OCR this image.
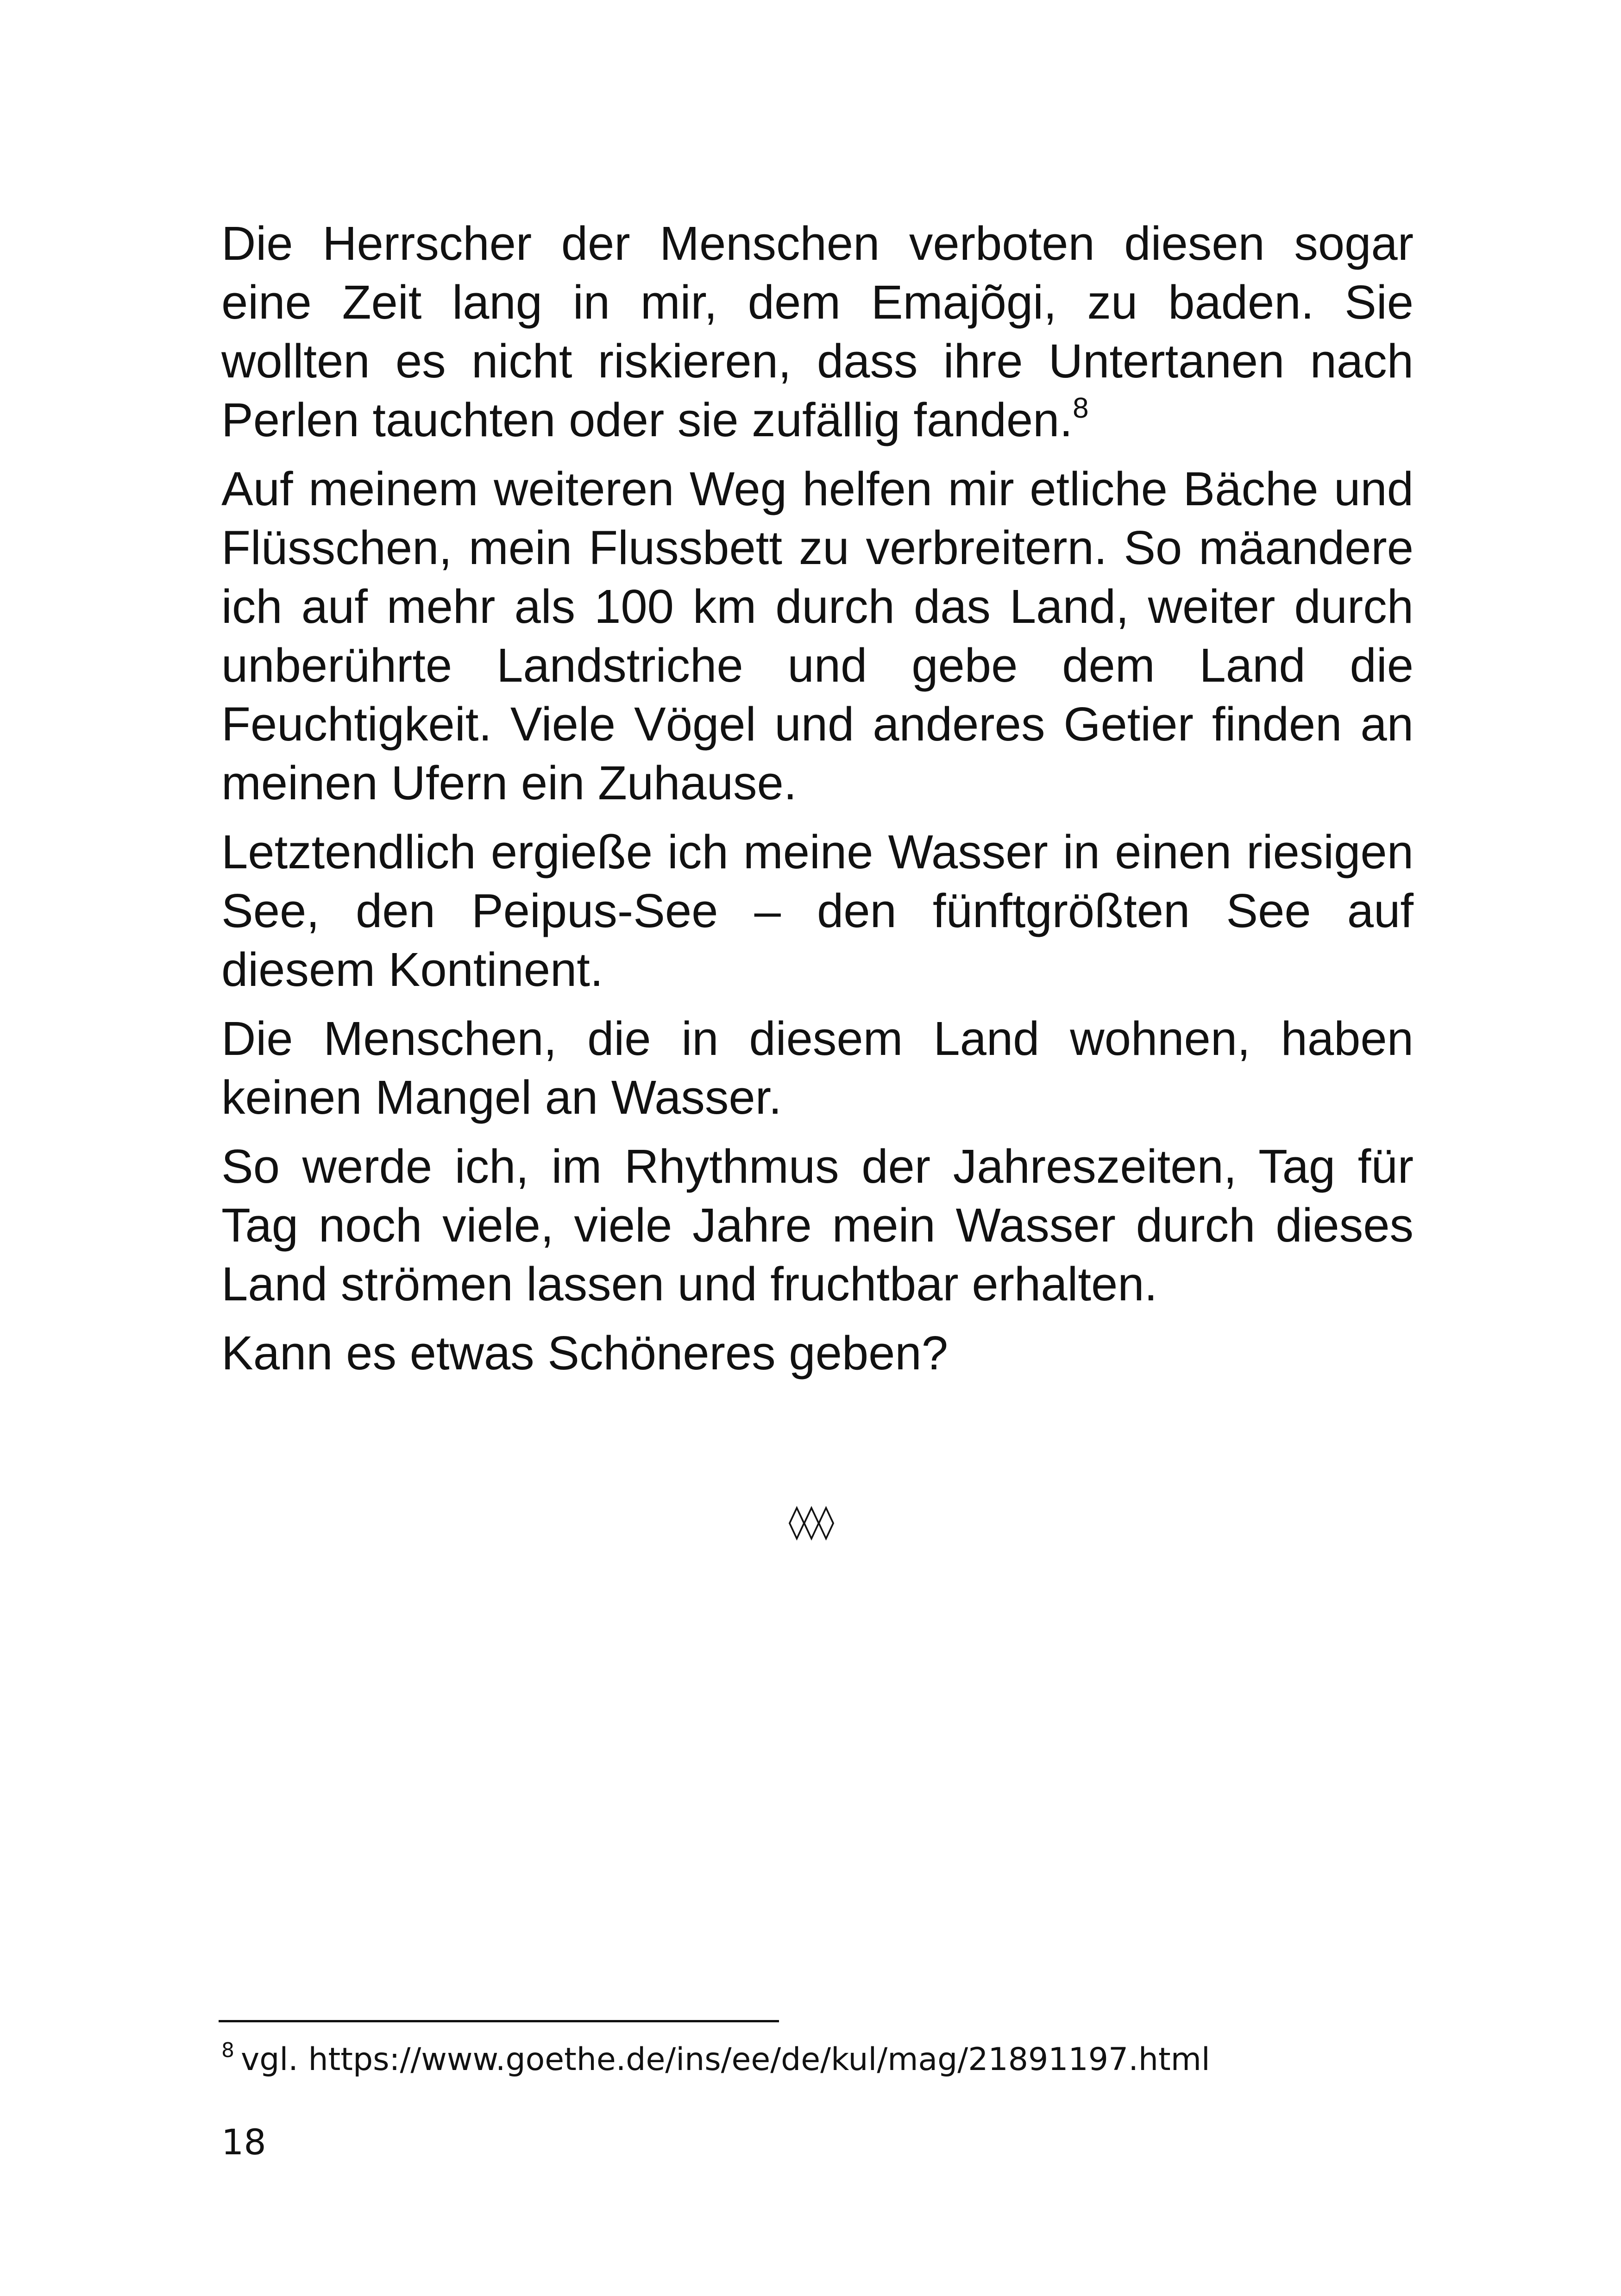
Die Herrscher der Menschen verboten diesen sogar eine Zeit lang in mir, dem Emajõgi, zu baden. Sie wollten es nicht riskieren, dass ihre Untertanen nach Perlen tauchten oder sie zufällig fanden.$^8$

Auf meinem weiteren Weg helfen mir etliche Bäche und Flüsschen, mein Flussbett zu verbreitern. So mäandere ich auf mehr als 100 km durch das Land, weiter durch unberührte Landstriche und gebe dem Land die Feuchtigkeit. Viele Vögel und anderes Getier finden an meinen Ufern ein Zuhause.

Letztendlich ergieße ich meine Wasser in einen riesigen See, den Peipus-See – den fünftgrößten See auf diesem Kontinent.

Die Menschen, die in diesem Land wohnen, haben keinen Mangel an Wasser.

So werde ich, im Rhythmus der Jahreszeiten, Tag für Tag noch viele, viele Jahre mein Wasser durch dieses Land strömen lassen und fruchtbar erhalten.

Kann es etwas Schöneres geben?

◊◊◊
$^8$ vgl. https://www.goethe.de/ins/ee/de/kul/mag/21891197.html
18
